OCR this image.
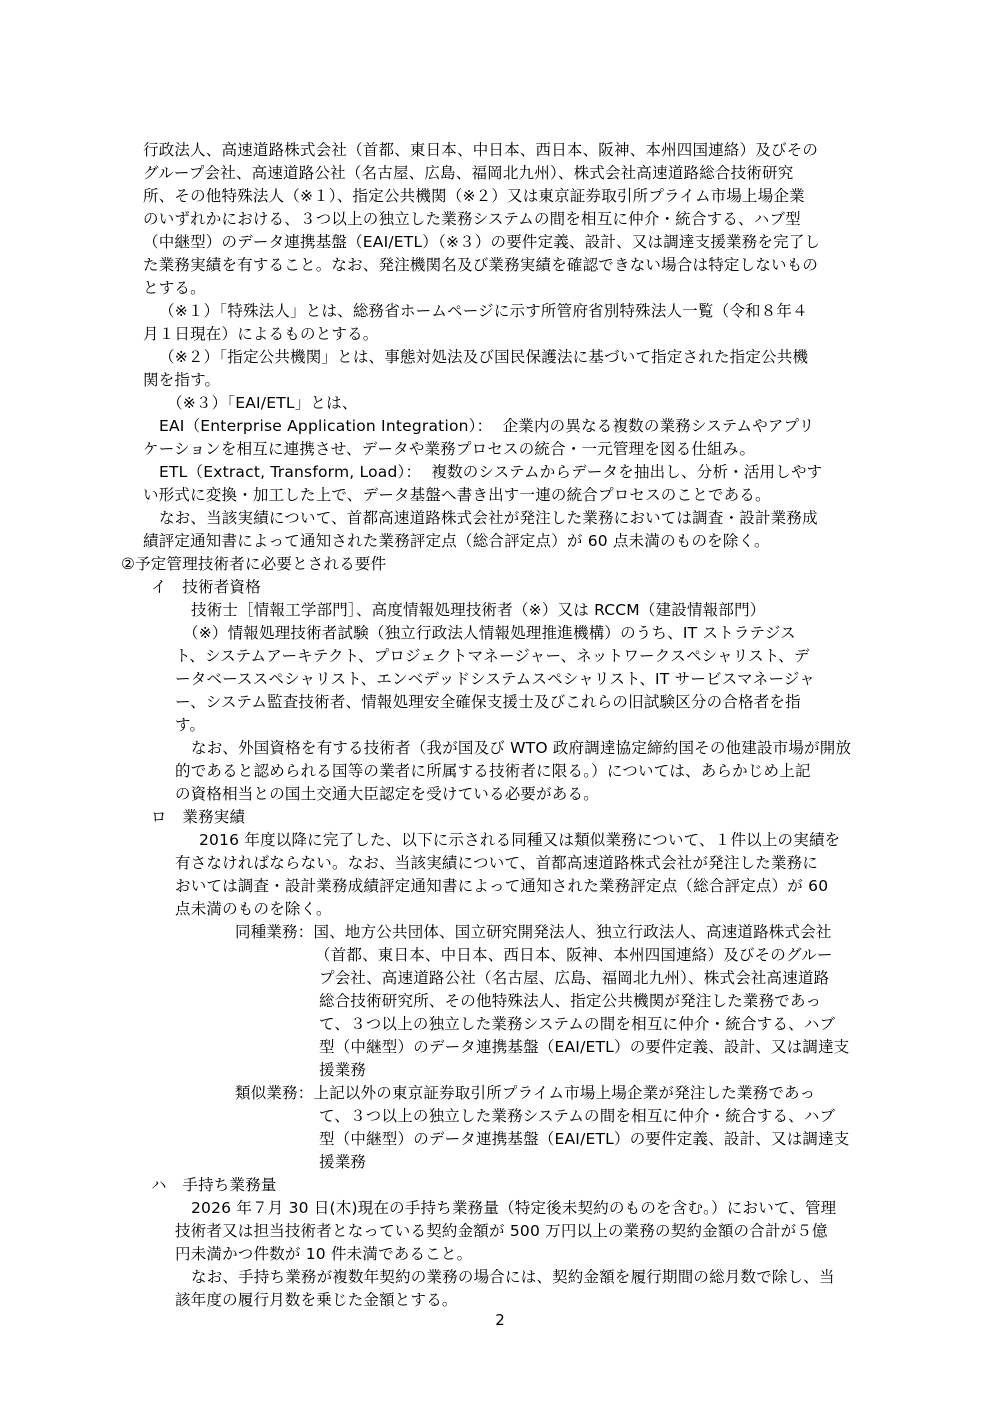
行政法人、高速道路株式会社（首都、東日本、中日本、西日本、阪神、本州四国連絡）及びその
グループ会社、高速道路公社（名古屋、広島、福岡北九州）、株式会社高速道路総合技術研究
所、その他特殊法人（※１）、指定公共機関（※２）又は東京証券取引所プライム市場上場企業
のいずれかにおける、３つ以上の独立した業務システムの間を相互に仲介・統合する、ハブ型
（中継型）のデータ連携基盤（EAI/ETL）（※３）の要件定義、設計、又は調達支援業務を完了し
た業務実績を有すること。なお、発注機関名及び業務実績を確認できない場合は特定しないもの
とする。
（※１）「特殊法人」とは、総務省ホームページに示す所管府省別特殊法人一覧（令和８年４
月１日現在）によるものとする。
（※２）「指定公共機関」とは、事態対処法及び国民保護法に基づいて指定された指定公共機
関を指す。
（※３）「EAI/ETL」とは、
EAI（Enterprise Application Integration）：  企業内の異なる複数の業務システムやアプリ
ケーションを相互に連携させ、データや業務プロセスの統合・一元管理を図る仕組み。
ETL（Extract, Transform, Load）：  複数のシステムからデータを抽出し、分析・活用しやす
い形式に変換・加工した上で、データ基盤へ書き出す一連の統合プロセスのことである。
なお、当該実績について、首都高速道路株式会社が発注した業務においては調査・設計業務成
績評定通知書によって通知された業務評定点（総合評定点）が 60 点未満のものを除く。
②予定管理技術者に必要とされる要件
イ　技術者資格
技術士［情報工学部門］、高度情報処理技術者（※）又は RCCM（建設情報部門）
（※）情報処理技術者試験（独立行政法人情報処理推進機構）のうち、IT ストラテジス
ト、システムアーキテクト、プロジェクトマネージャー、ネットワークスペシャリスト、デ
ータベーススペシャリスト、エンベデッドシステムスペシャリスト、IT サービスマネージャ
ー、システム監査技術者、情報処理安全確保支援士及びこれらの旧試験区分の合格者を指
す。
なお、外国資格を有する技術者（我が国及び WTO 政府調達協定締約国その他建設市場が開放
的であると認められる国等の業者に所属する技術者に限る。）については、あらかじめ上記
の資格相当との国土交通大臣認定を受けている必要がある。
ロ　業務実績
2016 年度以降に完了した、以下に示される同種又は類似業務について、１件以上の実績を
有さなければならない。なお、当該実績について、首都高速道路株式会社が発注した業務に
おいては調査・設計業務成績評定通知書によって通知された業務評定点（総合評定点）が 60
点未満のものを除く。
同種業務：国、地方公共団体、国立研究開発法人、独立行政法人、高速道路株式会社
（首都、東日本、中日本、西日本、阪神、本州四国連絡）及びそのグルー
プ会社、高速道路公社（名古屋、広島、福岡北九州）、株式会社高速道路
総合技術研究所、その他特殊法人、指定公共機関が発注した業務であっ
て、３つ以上の独立した業務システムの間を相互に仲介・統合する、ハブ
型（中継型）のデータ連携基盤（EAI/ETL）の要件定義、設計、又は調達支
援業務
類似業務：上記以外の東京証券取引所プライム市場上場企業が発注した業務であっ
て、３つ以上の独立した業務システムの間を相互に仲介・統合する、ハブ
型（中継型）のデータ連携基盤（EAI/ETL）の要件定義、設計、又は調達支
援業務
ハ　手持ち業務量
2026 年７月 30 日(木)現在の手持ち業務量（特定後未契約のものを含む。）において、管理
技術者又は担当技術者となっている契約金額が 500 万円以上の業務の契約金額の合計が５億
円未満かつ件数が 10 件未満であること。
なお、手持ち業務が複数年契約の業務の場合には、契約金額を履行期間の総月数で除し、当
該年度の履行月数を乗じた金額とする。
2
